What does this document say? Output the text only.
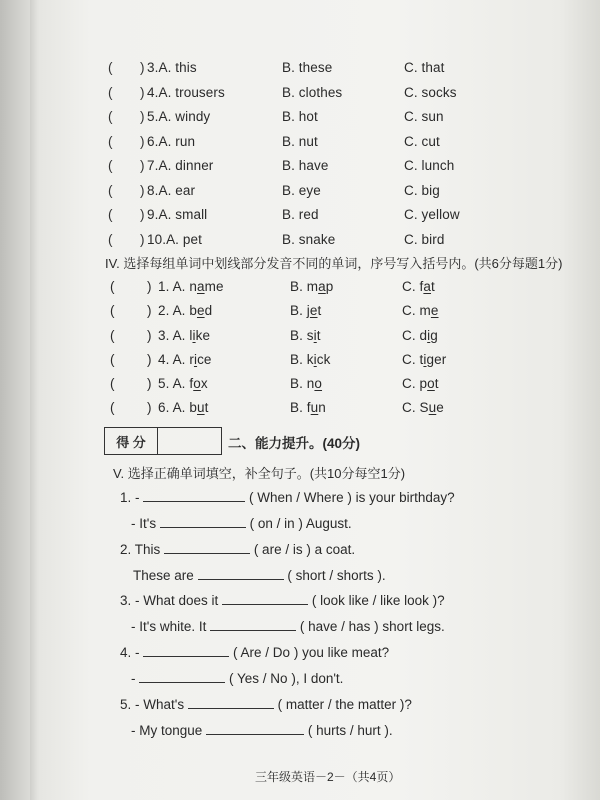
( ) 3.A. this	B. these	C. that
( ) 4.A. trousers	B. clothes	C. socks
( ) 5.A. windy	B. hot	C. sun
( ) 6.A. run	B. nut	C. cut
( ) 7.A. dinner	B. have	C. lunch
( ) 8.A. ear	B. eye	C. big
( ) 9.A. small	B. red	C. yellow
( ) 10.A. pet	B. snake	C. bird
IV. 选择每组单词中划线部分发音不同的单词，序号写入括号内。(共6分每题1分)
( ) 1. A. name	B. map	C. fat
( ) 2. A. bed	B. jet	C. me
( ) 3. A. like	B. sit	C. dig
( ) 4. A. rice	B. kick	C. tiger
( ) 5. A. fox	B. no	C. pot
( ) 6. A. but	B. fun	C. Sue
得 分	二、能力提升。(40分)
V. 选择正确单词填空，补全句子。(共10分每空1分)
1. -	( When / Where ) is your birthday?
- It's	( on / in ) August.
2. This	( are / is ) a coat.
These are	( short / shorts ).
3. - What does it	( look like / like look )?
- It's white. It	( have / has ) short legs.
4. -	( Are / Do ) you like meat?
-	( Yes / No ), I don't.
5. - What's	( matter / the matter )?
- My tongue	( hurts / hurt ).
三年级英语－2－（共4页）
